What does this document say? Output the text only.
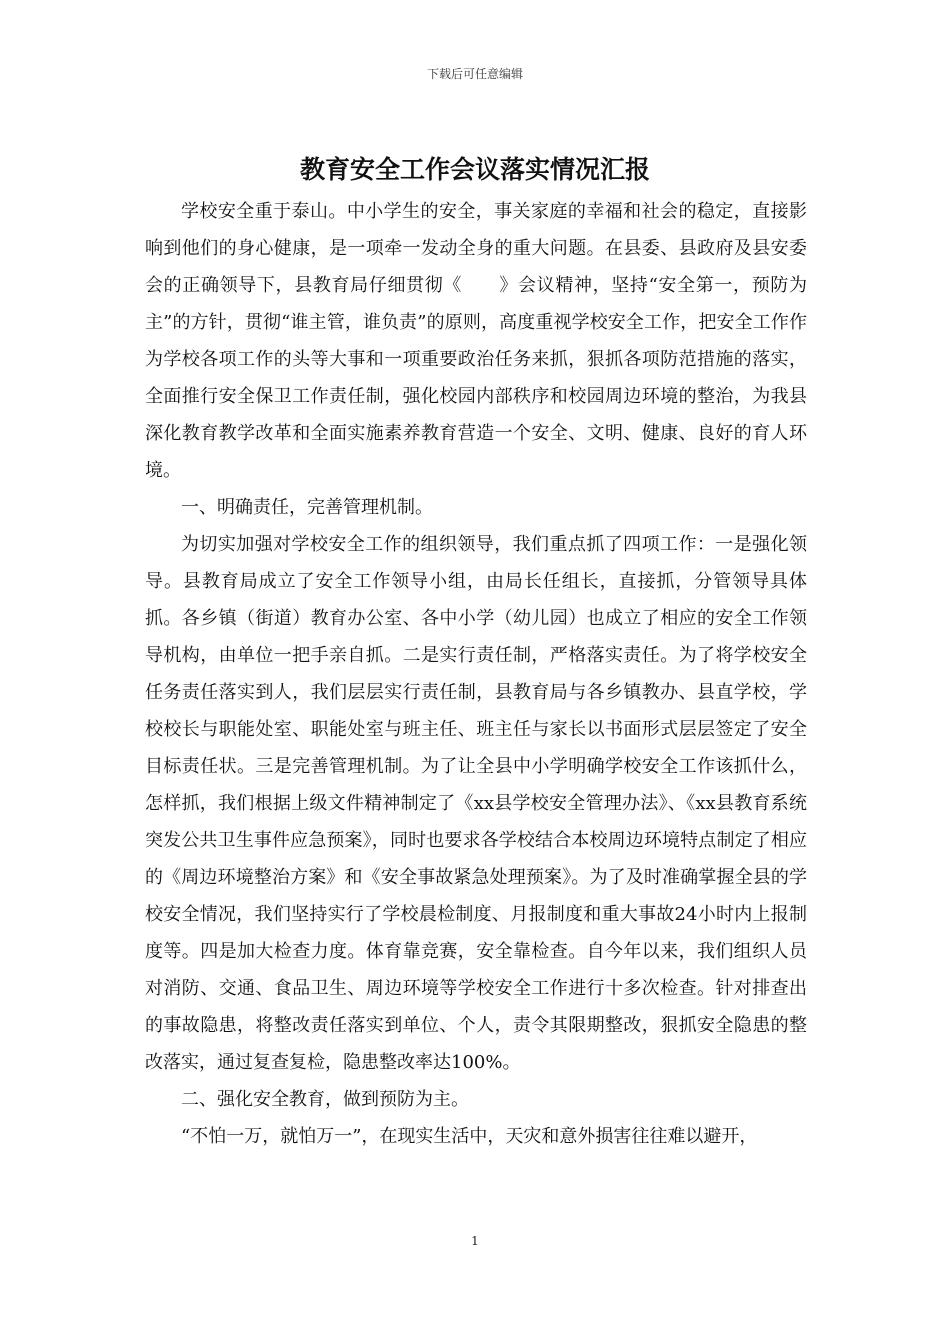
下载后可任意编辑
教育安全工作会议落实情况汇报

学校安全重于泰山。中小学生的安全，事关家庭的幸福和社会的稳定，直接影响到他们的身心健康，是一项牵一发动全身的重大问题。在县委、县政府及县安委会的正确领导下，县教育局仔细贯彻《　　》会议精神，坚持“安全第一，预防为主”的方针，贯彻“谁主管，谁负责”的原则，高度重视学校安全工作，把安全工作作为学校各项工作的头等大事和一项重要政治任务来抓，狠抓各项防范措施的落实，全面推行安全保卫工作责任制，强化校园内部秩序和校园周边环境的整治，为我县深化教育教学改革和全面实施素养教育营造一个安全、文明、健康、良好的育人环境。

一、明确责任，完善管理机制。

为切实加强对学校安全工作的组织领导，我们重点抓了四项工作：一是强化领导。县教育局成立了安全工作领导小组，由局长任组长，直接抓，分管领导具体抓。各乡镇（街道）教育办公室、各中小学（幼儿园）也成立了相应的安全工作领导机构，由单位一把手亲自抓。二是实行责任制，严格落实责任。为了将学校安全任务责任落实到人，我们层层实行责任制，县教育局与各乡镇教办、县直学校，学校校长与职能处室、职能处室与班主任、班主任与家长以书面形式层层签定了安全目标责任状。三是完善管理机制。为了让全县中小学明确学校安全工作该抓什么，怎样抓，我们根据上级文件精神制定了《xx县学校安全管理办法》、《xx县教育系统突发公共卫生事件应急预案》，同时也要求各学校结合本校周边环境特点制定了相应的《周边环境整治方案》和《安全事故紧急处理预案》。为了及时准确掌握全县的学校安全情况，我们坚持实行了学校晨检制度、月报制度和重大事故24小时内上报制度等。四是加大检查力度。体育靠竞赛，安全靠检查。自今年以来，我们组织人员对消防、交通、食品卫生、周边环境等学校安全工作进行十多次检查。针对排查出的事故隐患，将整改责任落实到单位、个人，责令其限期整改，狠抓安全隐患的整改落实，通过复查复检，隐患整改率达100%。

二、强化安全教育，做到预防为主。

“不怕一万，就怕万一”，在现实生活中，天灾和意外损害往往难以避开，

1
